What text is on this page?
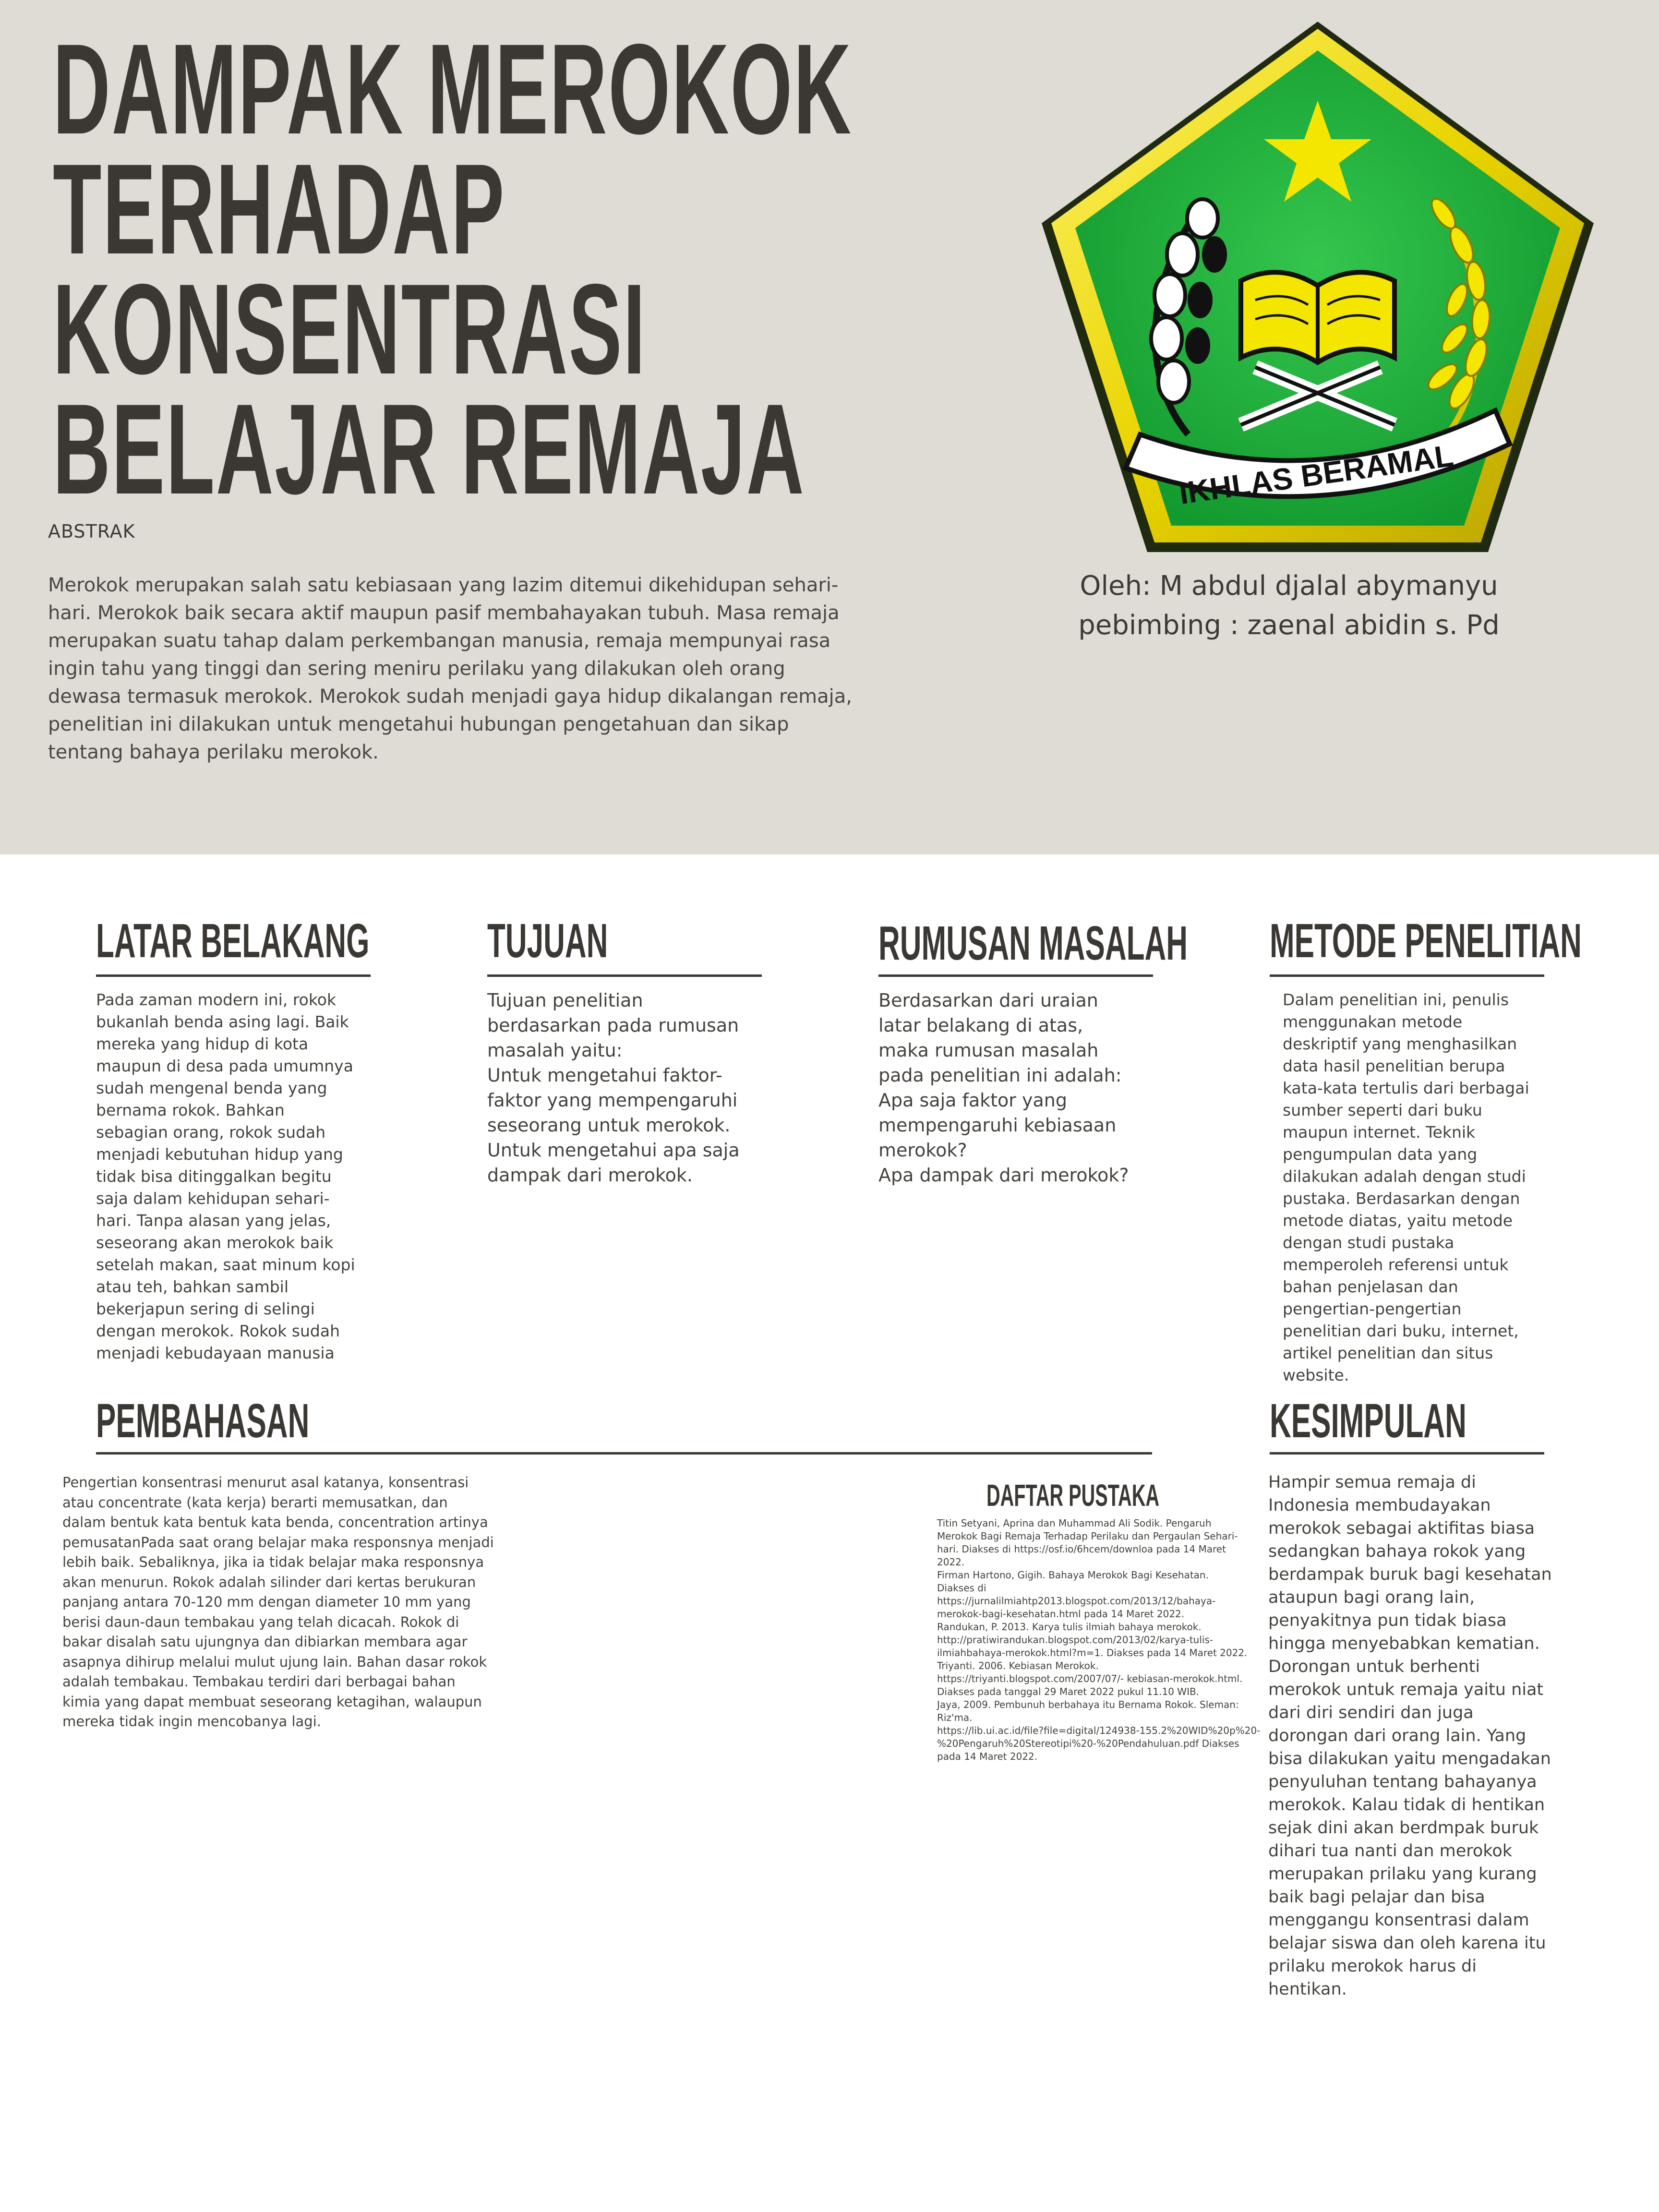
DAMPAK MEROKOK
TERHADAP
KONSENTRASI
BELAJAR REMAJA
ABSTRAK
Merokok merupakan salah satu kebiasaan yang lazim ditemui dikehidupan sehari-hari. Merokok baik secara aktif maupun pasif membahayakan tubuh. Masa remaja merupakan suatu tahap dalam perkembangan manusia, remaja mempunyai rasa ingin tahu yang tinggi dan sering meniru perilaku yang dilakukan oleh orang dewasa termasuk merokok. Merokok sudah menjadi gaya hidup dikalangan remaja, penelitian ini dilakukan untuk mengetahui hubungan pengetahuan dan sikap tentang bahaya perilaku merokok.
IKHLAS BERAMAL
Oleh: M abdul djalal abymanyu
pebimbing : zaenal abidin s. Pd
LATAR BELAKANG
Pada zaman modern ini, rokok bukanlah benda asing lagi. Baik mereka yang hidup di kota maupun di desa pada umumnya sudah mengenal benda yang bernama rokok. Bahkan sebagian orang, rokok sudah menjadi kebutuhan hidup yang tidak bisa ditinggalkan begitu saja dalam kehidupan sehari-hari. Tanpa alasan yang jelas, seseorang akan merokok baik setelah makan, saat minum kopi atau teh, bahkan sambil bekerjapun sering di selingi dengan merokok. Rokok sudah menjadi kebudayaan manusia
TUJUAN
Tujuan penelitian berdasarkan pada rumusan masalah yaitu:
Untuk mengetahui faktor-faktor yang mempengaruhi seseorang untuk merokok.
Untuk mengetahui apa saja dampak dari merokok.
RUMUSAN MASALAH
Berdasarkan dari uraian latar belakang di atas, maka rumusan masalah pada penelitian ini adalah:
Apa saja faktor yang mempengaruhi kebiasaan merokok?
Apa dampak dari merokok?
METODE PENELITIAN
Dalam penelitian ini, penulis menggunakan metode deskriptif yang menghasilkan data hasil penelitian berupa kata-kata tertulis dari berbagai sumber seperti dari buku maupun internet. Teknik pengumpulan data yang dilakukan adalah dengan studi pustaka. Berdasarkan dengan metode diatas, yaitu metode dengan studi pustaka memperoleh referensi untuk bahan penjelasan dan pengertian-pengertian penelitian dari buku, internet, artikel penelitian dan situs website.
PEMBAHASAN
Pengertian konsentrasi menurut asal katanya, konsentrasi atau concentrate (kata kerja) berarti memusatkan, dan dalam bentuk kata bentuk kata benda, concentration artinya pemusatanPada saat orang belajar maka responsnya menjadi lebih baik. Sebaliknya, jika ia tidak belajar maka responsnya akan menurun. Rokok adalah silinder dari kertas berukuran panjang antara 70-120 mm dengan diameter 10 mm yang berisi daun-daun tembakau yang telah dicacah. Rokok di bakar disalah satu ujungnya dan dibiarkan membara agar asapnya dihirup melalui mulut ujung lain. Bahan dasar rokok adalah tembakau. Tembakau terdiri dari berbagai bahan kimia yang dapat membuat seseorang ketagihan, walaupun mereka tidak ingin mencobanya lagi.
DAFTAR PUSTAKA
Titin Setyani, Aprina dan Muhammad Ali Sodik. Pengaruh
Merokok Bagi Remaja Terhadap Perilaku dan Pergaulan Sehari-
hari. Diakses di https://osf.io/6hcem/downloa pada 14 Maret
2022.
Firman Hartono, Gigih. Bahaya Merokok Bagi Kesehatan.
Diakses di
https://jurnalilmiahtp2013.blogspot.com/2013/12/bahaya-
merokok-bagi-kesehatan.html pada 14 Maret 2022.
Randukan, P. 2013. Karya tulis ilmiah bahaya merokok.
http://pratiwirandukan.blogspot.com/2013/02/karya-tulis-
ilmiahbahaya-merokok.html?m=1. Diakses pada 14 Maret 2022.
Triyanti. 2006. Kebiasan Merokok.
https://triyanti.blogspot.com/2007/07/- kebiasan-merokok.html.
Diakses pada tanggal 29 Maret 2022 pukul 11.10 WIB.
Jaya, 2009. Pembunuh berbahaya itu Bernama Rokok. Sleman:
Riz'ma.
https://lib.ui.ac.id/file?file=digital/124938-155.2%20WID%20p%20-
%20Pengaruh%20Stereotipi%20-%20Pendahuluan.pdf Diakses
pada 14 Maret 2022.
KESIMPULAN
Hampir semua remaja di Indonesia membudayakan merokok sebagai aktifitas biasa sedangkan bahaya rokok yang berdampak buruk bagi kesehatan ataupun bagi orang lain, penyakitnya pun tidak biasa hingga menyebabkan kematian. Dorongan untuk berhenti merokok untuk remaja yaitu niat dari diri sendiri dan juga dorongan dari orang lain. Yang bisa dilakukan yaitu mengadakan penyuluhan tentang bahayanya merokok. Kalau tidak di hentikan sejak dini akan berdmpak buruk dihari tua nanti dan merokok merupakan prilaku yang kurang baik bagi pelajar dan bisa menggangu konsentrasi dalam belajar siswa dan oleh karena itu prilaku merokok harus di hentikan.
